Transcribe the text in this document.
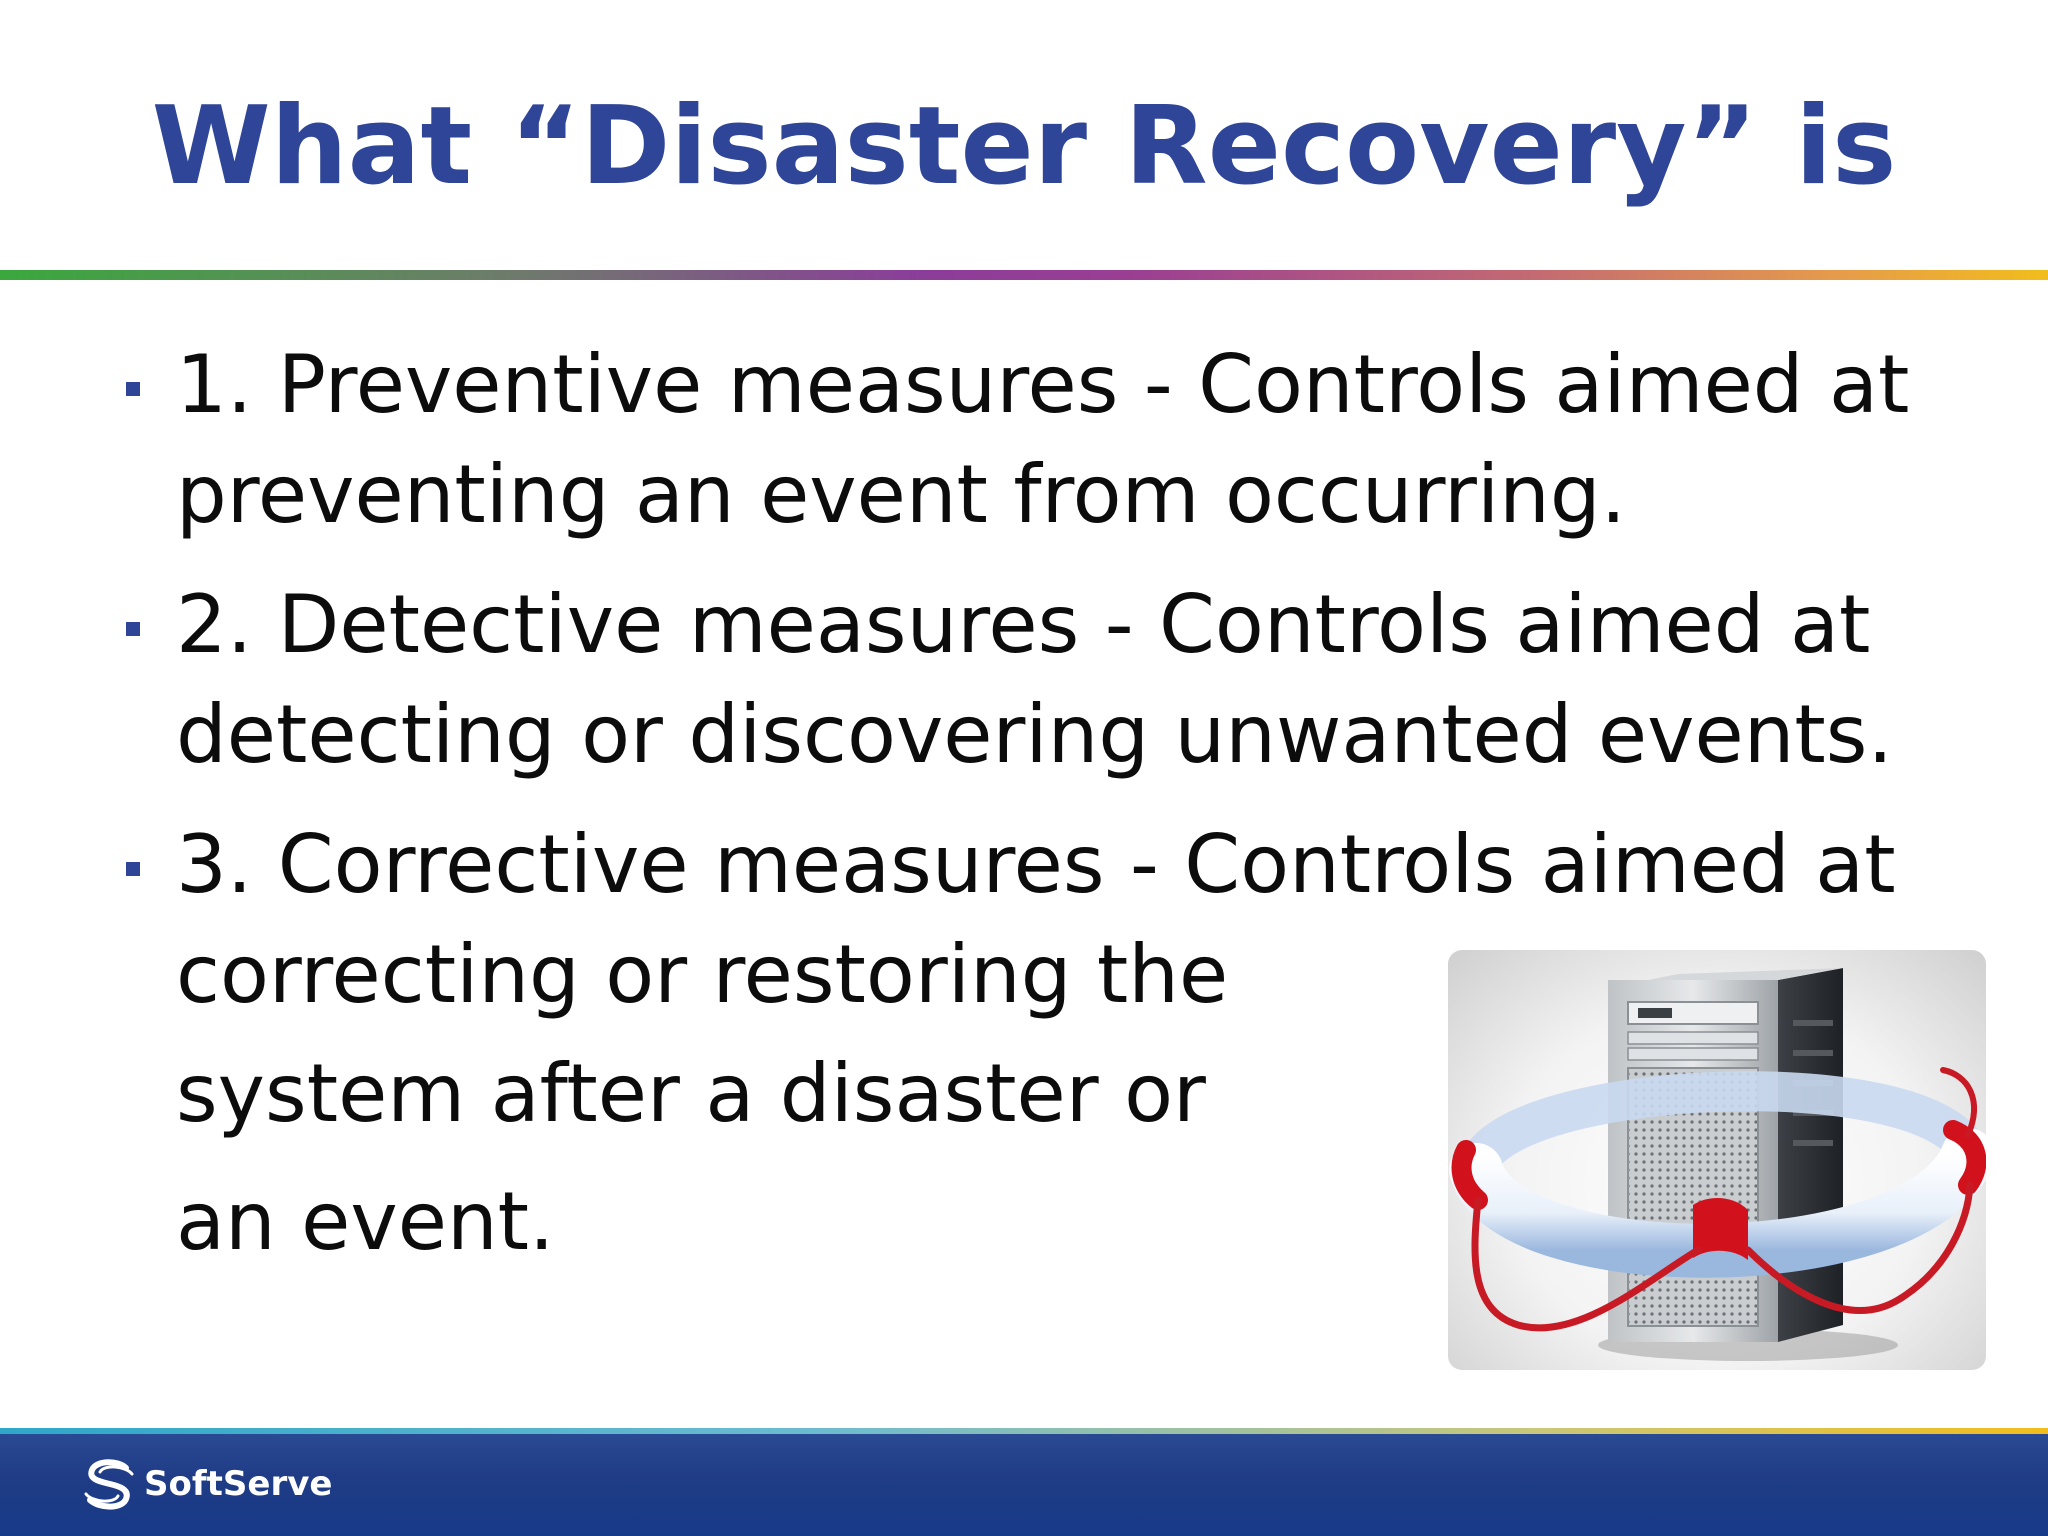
What “Disaster Recovery” is
1. Preventive measures - Controls aimed at
preventing an event from occurring.
2. Detective measures - Controls aimed at
detecting or discovering unwanted events.
3. Corrective measures - Controls aimed at
correcting or restoring the
system after a disaster or
an event.
SoftServe
